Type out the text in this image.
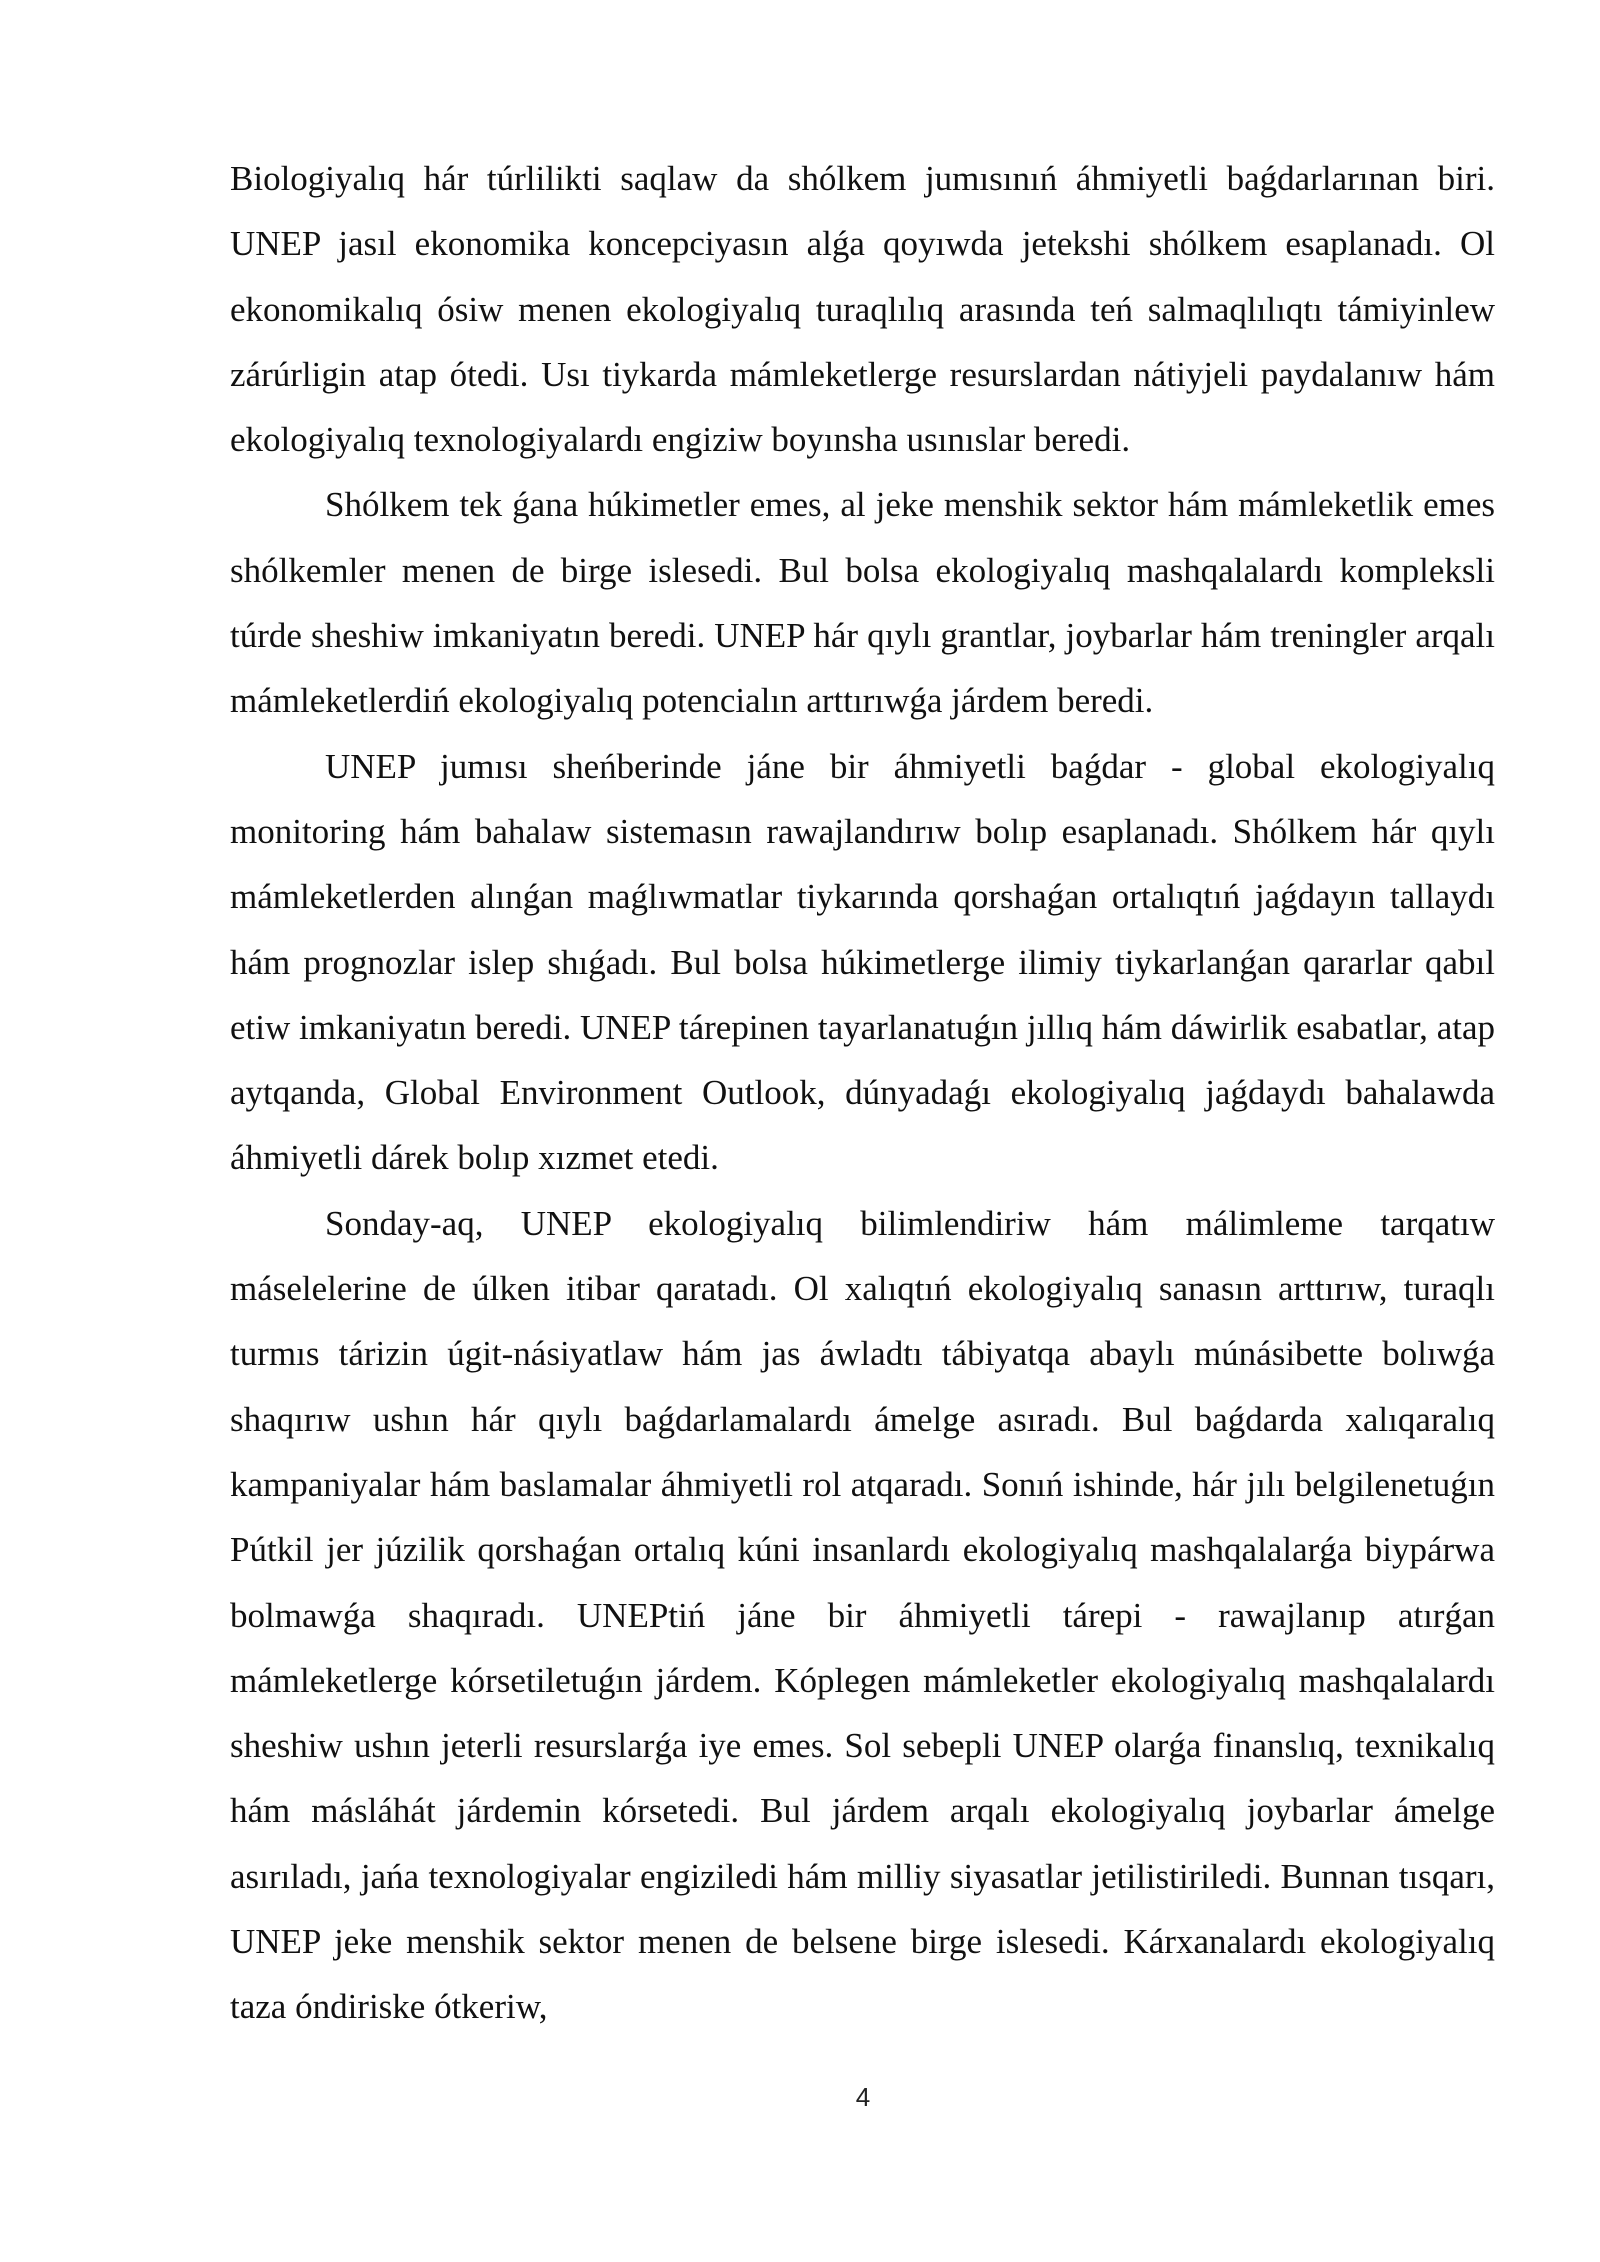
Biologiyalıq hár túrlilikti saqlaw da shólkem jumısınıń áhmiyetli baǵdarlarınan biri. UNEP jasıl ekonomika koncepciyasın alǵa qoyıwda jetekshi shólkem esaplanadı. Ol ekonomikalıq ósiw menen ekologiyalıq turaqlılıq arasında teń salmaqlılıqtı támiyinlew zárúrligin atap ótedi. Usı tiykarda mámleketlerge resurslardan nátiyjeli paydalanıw hám ekologiyalıq texnologiyalardı engiziw boyınsha usınıslar beredi.

Shólkem tek ǵana húkimetler emes, al jeke menshik sektor hám mámleketlik emes shólkemler menen de birge islesedi. Bul bolsa ekologiyalıq mashqalalardı kompleksli túrde sheshiw imkaniyatın beredi. UNEP hár qıylı grantlar, joybarlar hám treningler arqalı mámleketlerdiń ekologiyalıq potencialın arttırıwǵa járdem beredi.

UNEP jumısı sheńberinde jáne bir áhmiyetli baǵdar - global ekologiyalıq monitoring hám bahalaw sistemasın rawajlandırıw bolıp esaplanadı. Shólkem hár qıylı mámleketlerden alınǵan maǵlıwmatlar tiykarında qorshaǵan ortalıqtıń jaǵdayın tallaydı hám prognozlar islep shıǵadı. Bul bolsa húkimetlerge ilimiy tiykarlanǵan qararlar qabıl etiw imkaniyatın beredi. UNEP tárepinen tayarlanatuǵın jıllıq hám dáwirlik esabatlar, atap aytqanda, Global Environment Outlook, dúnyadaǵı ekologiyalıq jaǵdaydı bahalawda áhmiyetli dárek bolıp xızmet etedi.

Sonday-aq, UNEP ekologiyalıq bilimlendiriw hám málimleme tarqatıw máselelerine de úlken itibar qaratadı. Ol xalıqtıń ekologiyalıq sanasın arttırıw, turaqlı turmıs tárizin úgit-násiyatlaw hám jas áwladtı tábiyatqa abaylı múnásibette bolıwǵa shaqırıw ushın hár qıylı baǵdarlamalardı ámelge asıradı. Bul baǵdarda xalıqaralıq kampaniyalar hám baslamalar áhmiyetli rol atqaradı. Sonıń ishinde, hár jılı belgilenetuǵın Pútkil jer júzilik qorshaǵan ortalıq kúni insanlardı ekologiyalıq mashqalalarǵa biypárwa bolmawǵa shaqıradı. UNEPtiń jáne bir áhmiyetli tárepi - rawajlanıp atırǵan mámleketlerge kórsetiletuǵın járdem. Kóplegen mámleketler ekologiyalıq mashqalalardı sheshiw ushın jeterli resurslarǵa iye emes. Sol sebepli UNEP olarǵa finanslıq, texnikalıq hám másláhát járdemin kórsetedi. Bul járdem arqalı ekologiyalıq joybarlar ámelge asırıladı, jańa texnologiyalar engiziledi hám milliy siyasatlar jetilistiriledi. Bunnan tısqarı, UNEP jeke menshik sektor menen de belsene birge islesedi. Kárxanalardı ekologiyalıq taza óndiriske ótkeriw,

4
